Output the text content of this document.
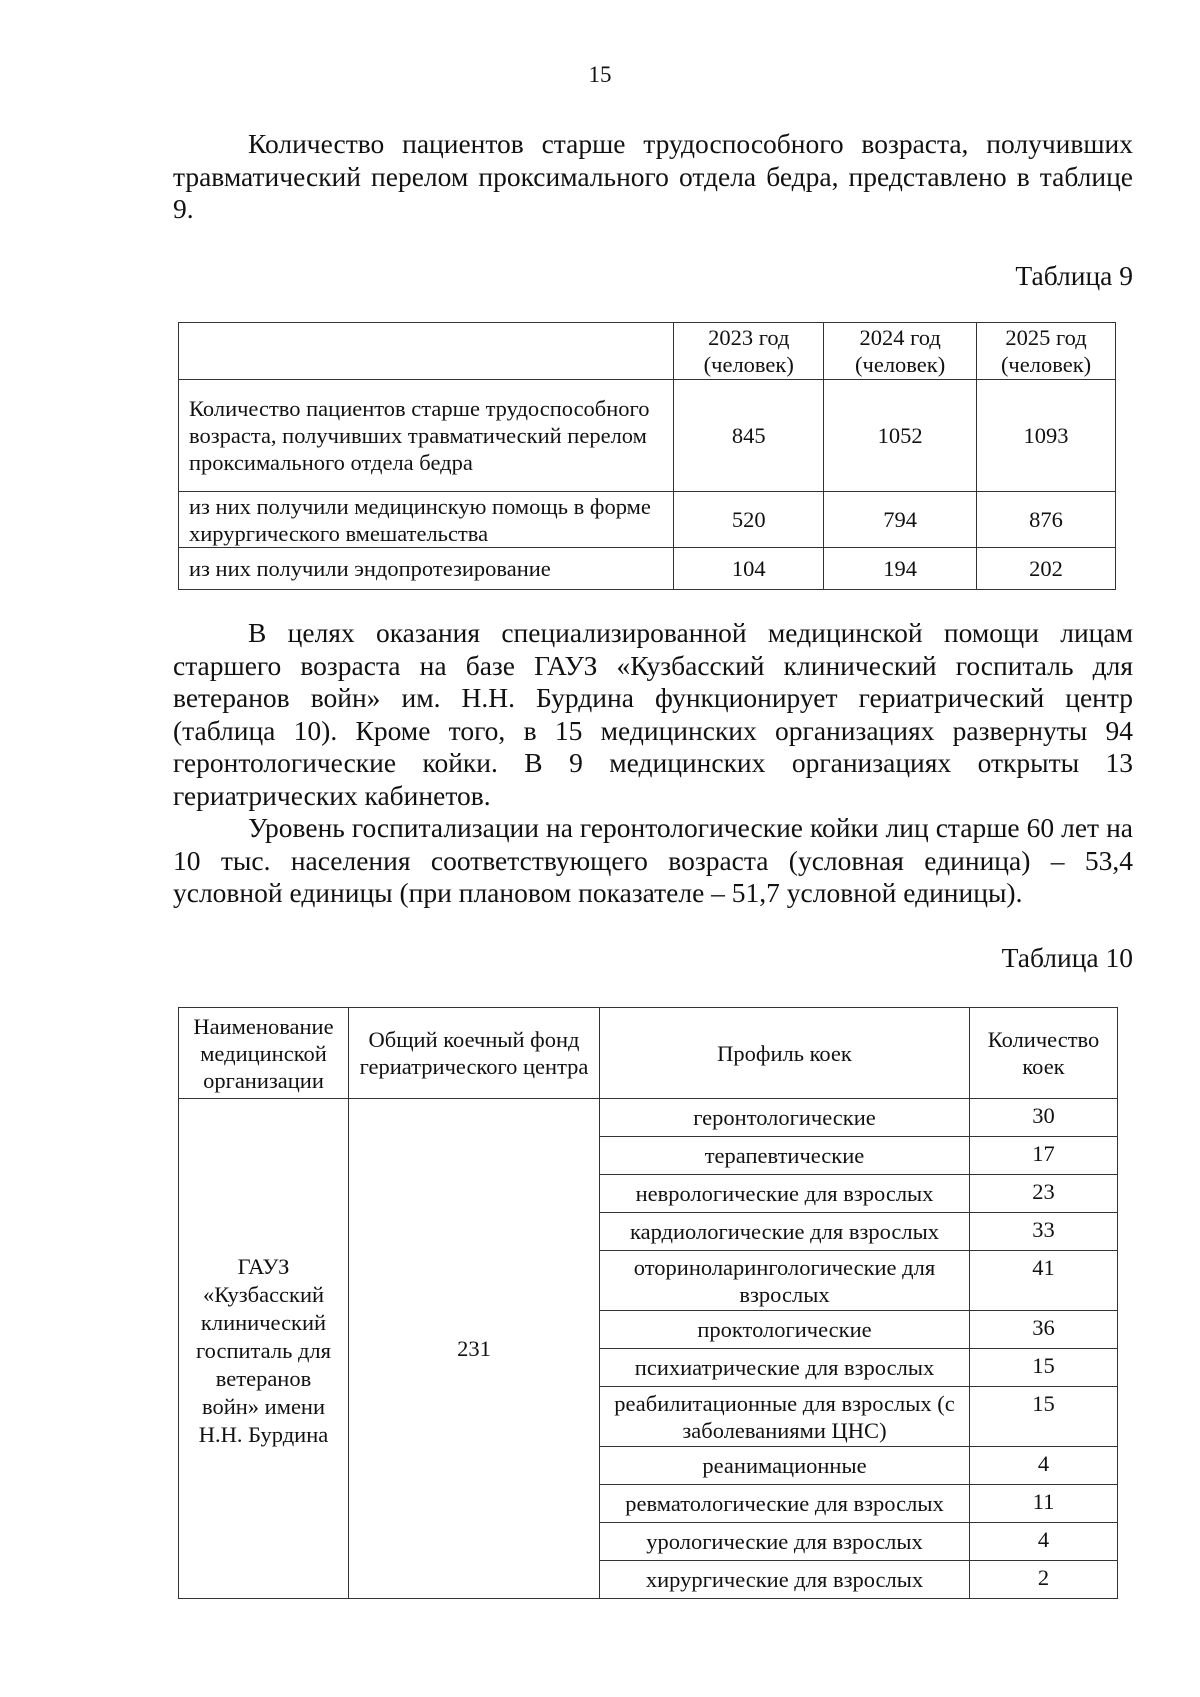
15

Количество пациентов старше трудоспособного возраста, получивших травматический перелом проксимального отдела бедра, представлено в таблице 9.

Таблица 9

	2023 год (человек)	2024 год (человек)	2025 год (человек)
Количество пациентов старше трудоспособного возраста, получивших травматический перелом проксимального отдела бедра	845	1052	1093
из них получили медицинскую помощь в форме хирургического вмешательства	520	794	876
из них получили эндопротезирование	104	194	202

В целях оказания специализированной медицинской помощи лицам старшего возраста на базе ГАУЗ «Кузбасский клинический госпиталь для ветеранов войн» им. Н.Н. Бурдина функционирует гериатрический центр (таблица 10). Кроме того, в 15 медицинских организациях развернуты 94 геронтологические койки. В 9 медицинских организациях открыты 13 гериатрических кабинетов.

Уровень госпитализации на геронтологические койки лиц старше 60 лет на 10 тыс. населения соответствующего возраста (условная единица) – 53,4 условной единицы (при плановом показателе – 51,7 условной единицы).

Таблица 10

Наименование медицинской организации	Общий коечный фонд гериатрического центра	Профиль коек	Количество коек
ГАУЗ «Кузбасский клинический госпиталь для ветеранов войн» имени Н.Н. Бурдина	231	геронтологические	30
		терапевтические	17
		неврологические для взрослых	23
		кардиологические для взрослых	33
		оториноларингологические для взрослых	41
		проктологические	36
		психиатрические для взрослых	15
		реабилитационные для взрослых (с заболеваниями ЦНС)	15
		реанимационные	4
		ревматологические для взрослых	11
		урологические для взрослых	4
		хирургические для взрослых	2
